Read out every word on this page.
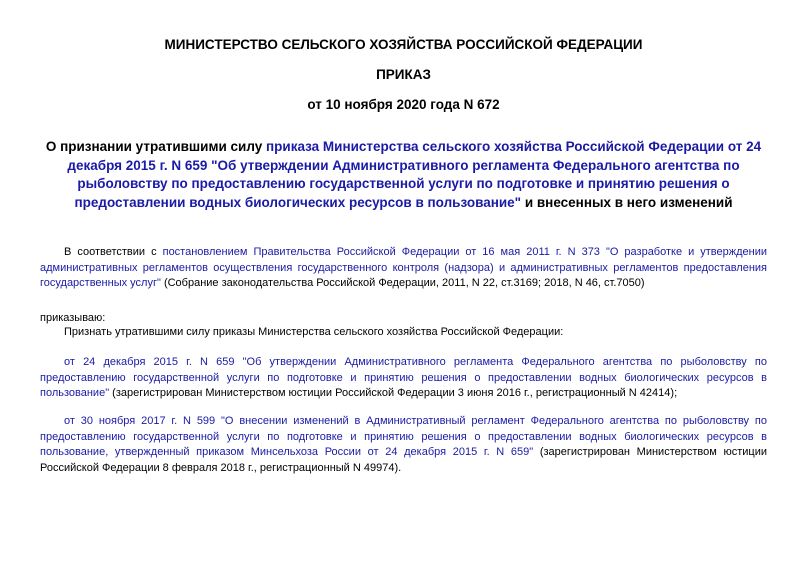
МИНИСТЕРСТВО СЕЛЬСКОГО ХОЗЯЙСТВА РОССИЙСКОЙ ФЕДЕРАЦИИ

ПРИКАЗ

от 10 ноября 2020 года N 672

О признании утратившими силу приказа Министерства сельского хозяйства Российской Федерации от 24 декабря 2015 г. N 659 "Об утверждении Административного регламента Федерального агентства по рыболовству по предоставлению государственной услуги по подготовке и принятию решения о предоставлении водных биологических ресурсов в пользование" и внесенных в него изменений

В соответствии с постановлением Правительства Российской Федерации от 16 мая 2011 г. N 373 "О разработке и утверждении административных регламентов осуществления государственного контроля (надзора) и административных регламентов предоставления государственных услуг" (Собрание законодательства Российской Федерации, 2011, N 22, ст.3169; 2018, N 46, ст.7050)

приказываю:

Признать утратившими силу приказы Министерства сельского хозяйства Российской Федерации:

от 24 декабря 2015 г. N 659 "Об утверждении Административного регламента Федерального агентства по рыболовству по предоставлению государственной услуги по подготовке и принятию решения о предоставлении водных биологических ресурсов в пользование" (зарегистрирован Министерством юстиции Российской Федерации 3 июня 2016 г., регистрационный N 42414);

от 30 ноября 2017 г. N 599 "О внесении изменений в Административный регламент Федерального агентства по рыболовству по предоставлению государственной услуги по подготовке и принятию решения о предоставлении водных биологических ресурсов в пользование, утвержденный приказом Минсельхоза России от 24 декабря 2015 г. N 659" (зарегистрирован Министерством юстиции Российской Федерации 8 февраля 2018 г., регистрационный N 49974).
